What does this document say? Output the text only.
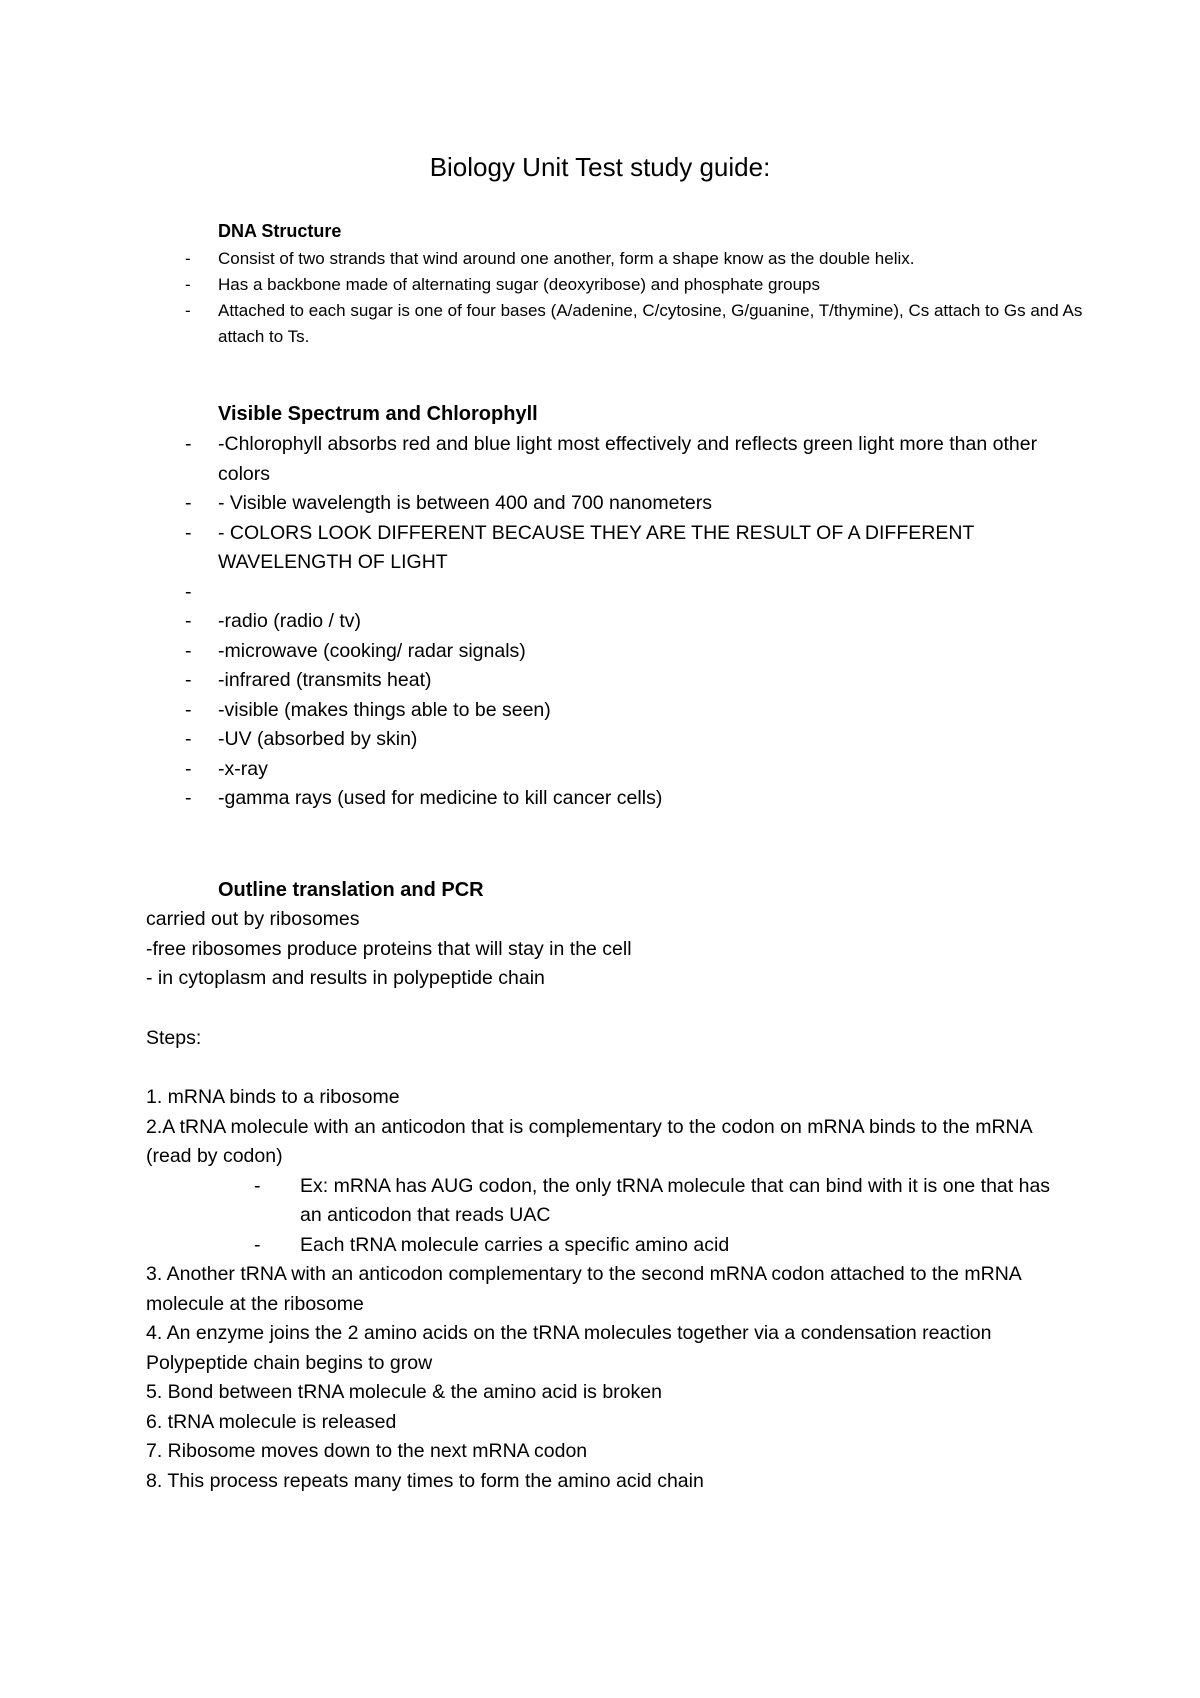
Biology Unit Test study guide:
DNA Structure
- Consist of two strands that wind around one another, form a shape know as the double helix.
- Has a backbone made of alternating sugar (deoxyribose) and phosphate groups
- Attached to each sugar is one of four bases (A/adenine, C/cytosine, G/guanine, T/thymine), Cs attach to Gs and As attach to Ts.
Visible Spectrum and Chlorophyll
- -Chlorophyll absorbs red and blue light most effectively and reflects green light more than other colors
- - Visible wavelength is between 400 and 700 nanometers
- - COLORS LOOK DIFFERENT BECAUSE THEY ARE THE RESULT OF A DIFFERENT WAVELENGTH OF LIGHT
-
- -radio (radio / tv)
- -microwave (cooking/ radar signals)
- -infrared (transmits heat)
- -visible (makes things able to be seen)
- -UV (absorbed by skin)
- -x-ray
- -gamma rays (used for medicine to kill cancer cells)
Outline translation and PCR
carried out by ribosomes
-free ribosomes produce proteins that will stay in the cell
- in cytoplasm and results in polypeptide chain
Steps:
1. mRNA binds to a ribosome
2.A tRNA molecule with an anticodon that is complementary to the codon on mRNA binds to the mRNA (read by codon)
- Ex: mRNA has AUG codon, the only tRNA molecule that can bind with it is one that has an anticodon that reads UAC
- Each tRNA molecule carries a specific amino acid
3. Another tRNA with an anticodon complementary to the second mRNA codon attached to the mRNA molecule at the ribosome
4. An enzyme joins the 2 amino acids on the tRNA molecules together via a condensation reaction
Polypeptide chain begins to grow
5. Bond between tRNA molecule & the amino acid is broken
6. tRNA molecule is released
7. Ribosome moves down to the next mRNA codon
8. This process repeats many times to form the amino acid chain
